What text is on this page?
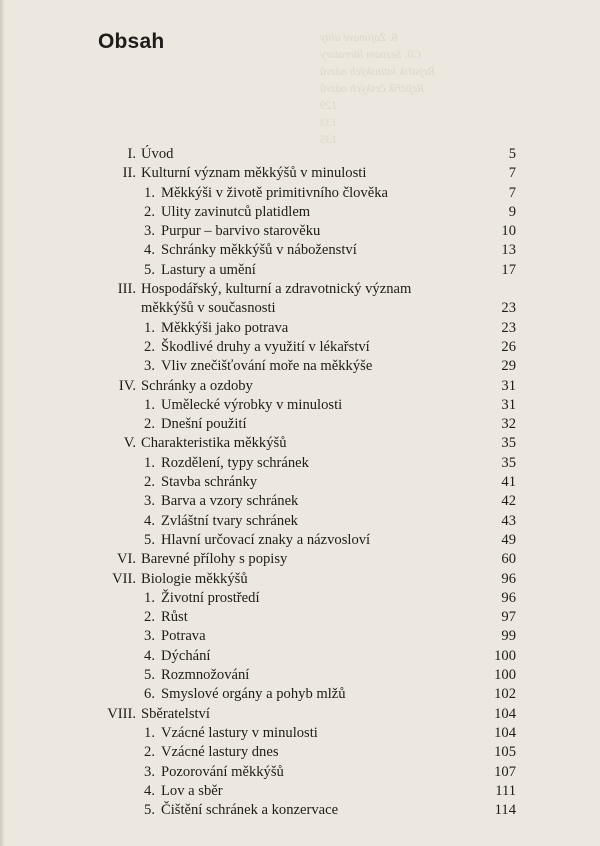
Obsah	6. Zajímavé ulity
Cíl. Seznam literatury
Rejstřík latinských názvů
Rejstřík českých názvů
129
133
135
I. Úvod	5
II. Kulturní význam měkkýšů v minulosti	7
1. Měkkýši v životě primitivního člověka	7
2. Ulity zavinutců platidlem	9
3. Purpur – barvivo starověku	10
4. Schránky měkkýšů v náboženství	13
5. Lastury a umění	17
III. Hospodářský, kulturní a zdravotnický význam měkkýšů v současnosti	23
1. Měkkýši jako potrava	23
2. Škodlivé druhy a využití v lékařství	26
3. Vliv znečišťování moře na měkkýše	29
IV. Schránky a ozdoby	31
1. Umělecké výrobky v minulosti	31
2. Dnešní použití	32
V. Charakteristika měkkýšů	35
1. Rozdělení, typy schránek	35
2. Stavba schránky	41
3. Barva a vzory schránek	42
4. Zvláštní tvary schránek	43
5. Hlavní určovací znaky a názvosloví	49
VI. Barevné přílohy s popisy	60
VII. Biologie měkkýšů	96
1. Životní prostředí	96
2. Růst	97
3. Potrava	99
4. Dýchání	100
5. Rozmnožování	100
6. Smyslové orgány a pohyb mlžů	102
VIII. Sběratelství	104
1. Vzácné lastury v minulosti	104
2. Vzácné lastury dnes	105
3. Pozorování měkkýšů	107
4. Lov a sběr	111
5. Čištění schránek a konzervace	114
